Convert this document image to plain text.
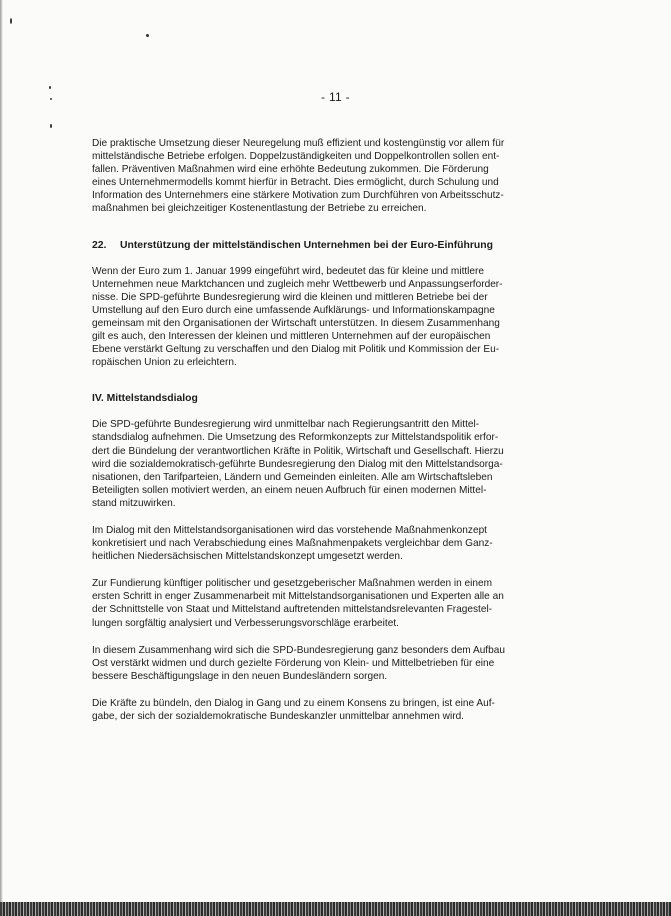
- 11 -

Die praktische Umsetzung dieser Neuregelung muß effizient und kostengünstig vor allem für
mittelständische Betriebe erfolgen. Doppelzuständigkeiten und Doppelkontrollen sollen ent-
fallen. Präventiven Maßnahmen wird eine erhöhte Bedeutung zukommen. Die Förderung
eines Unternehmermodells kommt hierfür in Betracht. Dies ermöglicht, durch Schulung und
Information des Unternehmers eine stärkere Motivation zum Durchführen von Arbeitsschutz-
maßnahmen bei gleichzeitiger Kostenentlastung der Betriebe zu erreichen.

22. Unterstützung der mittelständischen Unternehmen bei der Euro-Einführung

Wenn der Euro zum 1. Januar 1999 eingeführt wird, bedeutet das für kleine und mittlere
Unternehmen neue Marktchancen und zugleich mehr Wettbewerb und Anpassungserforder-
nisse. Die SPD-geführte Bundesregierung wird die kleinen und mittleren Betriebe bei der
Umstellung auf den Euro durch eine umfassende Aufklärungs- und Informationskampagne
gemeinsam mit den Organisationen der Wirtschaft unterstützen. In diesem Zusammenhang
gilt es auch, den Interessen der kleinen und mittleren Unternehmen auf der europäischen
Ebene verstärkt Geltung zu verschaffen und den Dialog mit Politik und Kommission der Eu-
ropäischen Union zu erleichtern.

IV. Mittelstandsdialog

Die SPD-geführte Bundesregierung wird unmittelbar nach Regierungsantritt den Mittel-
standsdialog aufnehmen. Die Umsetzung des Reformkonzepts zur Mittelstandspolitik erfor-
dert die Bündelung der verantwortlichen Kräfte in Politik, Wirtschaft und Gesellschaft. Hierzu
wird die sozialdemokratisch-geführte Bundesregierung den Dialog mit den Mittelstandsorga-
nisationen, den Tarifparteien, Ländern und Gemeinden einleiten. Alle am Wirtschaftsleben
Beteiligten sollen motiviert werden, an einem neuen Aufbruch für einen modernen Mittel-
stand mitzuwirken.

Im Dialog mit den Mittelstandsorganisationen wird das vorstehende Maßnahmenkonzept
konkretisiert und nach Verabschiedung eines Maßnahmenpakets vergleichbar dem Ganz-
heitlichen Niedersächsischen Mittelstandskonzept umgesetzt werden.

Zur Fundierung künftiger politischer und gesetzgeberischer Maßnahmen werden in einem
ersten Schritt in enger Zusammenarbeit mit Mittelstandsorganisationen und Experten alle an
der Schnittstelle von Staat und Mittelstand auftretenden mittelstandsrelevanten Fragestel-
lungen sorgfältig analysiert und Verbesserungsvorschläge erarbeitet.

In diesem Zusammenhang wird sich die SPD-Bundesregierung ganz besonders dem Aufbau
Ost verstärkt widmen und durch gezielte Förderung von Klein- und Mittelbetrieben für eine
bessere Beschäftigungslage in den neuen Bundesländern sorgen.

Die Kräfte zu bündeln, den Dialog in Gang und zu einem Konsens zu bringen, ist eine Auf-
gabe, der sich der sozialdemokratische Bundeskanzler unmittelbar annehmen wird.
